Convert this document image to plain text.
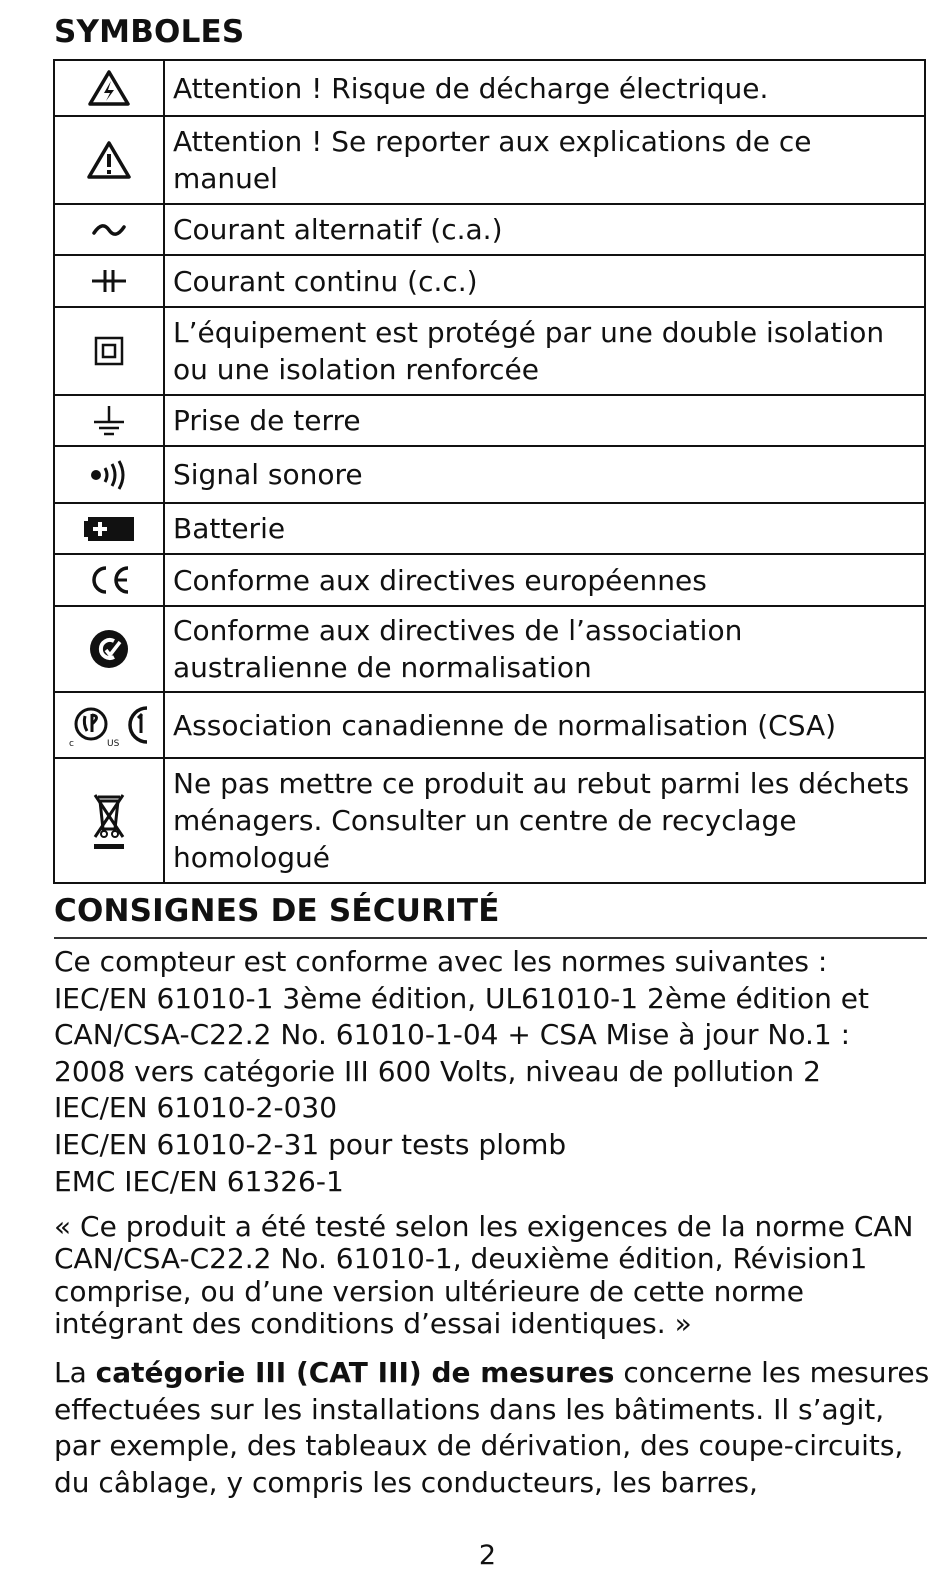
SYMBOLES
	Attention ! Risque de décharge électrique.

	Attention ! Se reporter aux explications de ce manuel

	Courant alternatif (c.a.)

	Courant continu (c.c.)

	L’équipement est protégé par une double isolation ou une isolation renforcée

	Prise de terre

	Signal sonore

	Batterie

	Conforme aux directives européennes

	Conforme aux directives de l’association australienne de normalisation

c US	Association canadienne de normalisation (CSA)

	Ne pas mettre ce produit au rebut parmi les déchets ménagers. Consulter un centre de recyclage homologué
CONSIGNES DE SÉCURITÉ
Ce compteur est conforme avec les normes suivantes :
IEC/EN 61010-1 3ème édition, UL61010-1 2ème édition et
CAN/CSA-C22.2 No. 61010-1-04 + CSA Mise à jour No.1 :
2008 vers catégorie III 600 Volts, niveau de pollution 2
IEC/EN 61010-2-030
IEC/EN 61010-2-31 pour tests plomb
EMC IEC/EN 61326-1
« Ce produit a été testé selon les exigences de la norme CAN CAN/CSA-C22.2 No. 61010-1, deuxième édition, Révision1 comprise, ou d’une version ultérieure de cette norme intégrant des conditions d’essai identiques. »
La catégorie III (CAT III) de mesures concerne les mesures effectuées sur les installations dans les bâtiments. Il s’agit, par exemple, des tableaux de dérivation, des coupe-circuits, du câblage, y compris les conducteurs, les barres,
2
